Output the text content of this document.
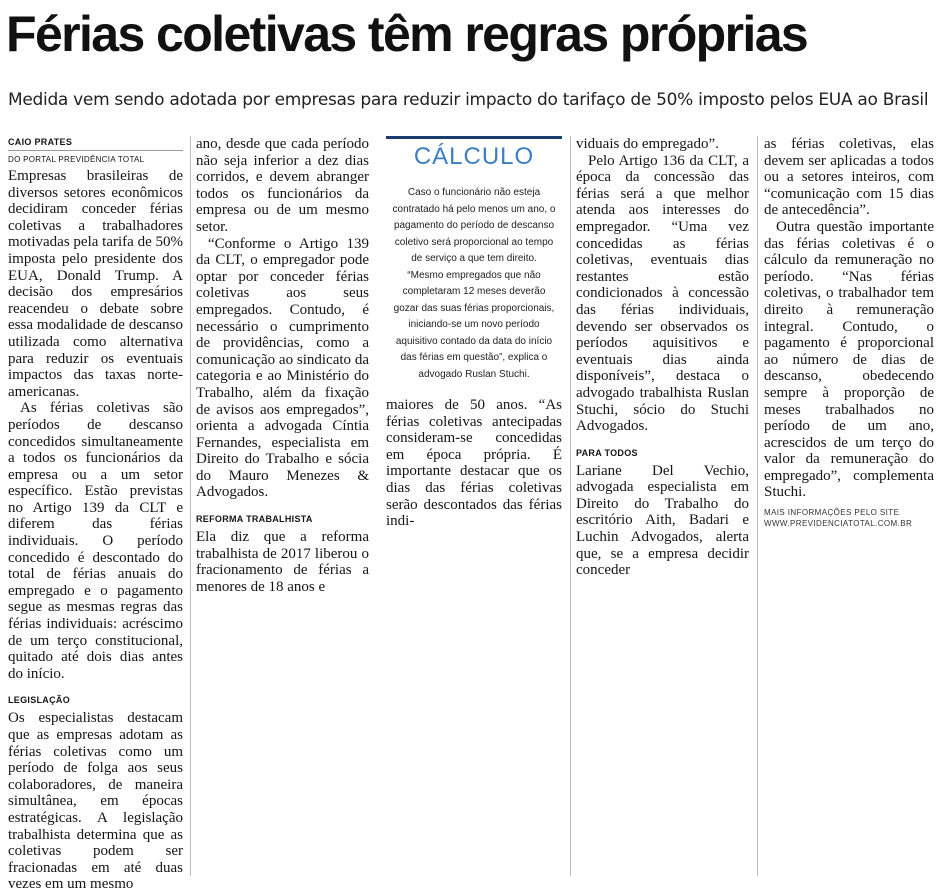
Férias coletivas têm regras próprias

Medida vem sendo adotada por empresas para reduzir impacto do tarifaço de 50% imposto pelos EUA ao Brasil

CAIO PRATES
DO PORTAL PREVIDÊNCIA TOTAL

Empresas brasileiras de diversos setores econômicos decidiram conceder férias coletivas a trabalhadores motivadas pela tarifa de 50% imposta pelo presidente dos EUA, Donald Trump. A decisão dos empresários reacendeu o debate sobre essa modalidade de descanso utilizada como alternativa para reduzir os eventuais impactos das taxas norte-americanas.

As férias coletivas são períodos de descanso concedidos simultaneamente a todos os funcionários da empresa ou a um setor específico. Estão previstas no Artigo 139 da CLT e diferem das férias individuais. O período concedido é descontado do total de férias anuais do empregado e o pagamento segue as mesmas regras das férias individuais: acréscimo de um terço constitucional, quitado até dois dias antes do início.

LEGISLAÇÃO

Os especialistas destacam que as empresas adotam as férias coletivas como um período de folga aos seus colaboradores, de maneira simultânea, em épocas estratégicas. A legislação trabalhista determina que as coletivas podem ser fracionadas em até duas vezes em um mesmo

ano, desde que cada período não seja inferior a dez dias corridos, e devem abranger todos os funcionários da empresa ou de um mesmo setor.

“Conforme o Artigo 139 da CLT, o empregador pode optar por conceder férias coletivas aos seus empregados. Contudo, é necessário o cumprimento de providências, como a comunicação ao sindicato da categoria e ao Ministério do Trabalho, além da fixação de avisos aos empregados”, orienta a advogada Cíntia Fernandes, especialista em Direito do Trabalho e sócia do Mauro Menezes & Advogados.

REFORMA TRABALHISTA

Ela diz que a reforma trabalhista de 2017 liberou o fracionamento de férias a menores de 18 anos e

CÁLCULO

Caso o funcionário não esteja contratado há pelo menos um ano, o pagamento do período de descanso coletivo será proporcional ao tempo de serviço a que tem direito.

“Mesmo empregados que não completaram 12 meses deverão gozar das suas férias proporcionais, iniciando-se um novo período aquisitivo contado da data do início das férias em questão”, explica o advogado Ruslan Stuchi.

maiores de 50 anos. “As férias coletivas antecipadas consideram-se concedidas em época própria. É importante destacar que os dias das férias coletivas serão descontados das férias indi-

viduais do empregado”.

Pelo Artigo 136 da CLT, a época da concessão das férias será a que melhor atenda aos interesses do empregador. “Uma vez concedidas as férias coletivas, eventuais dias restantes estão condicionados à concessão das férias individuais, devendo ser observados os períodos aquisitivos e eventuais dias ainda disponíveis”, destaca o advogado trabalhista Ruslan Stuchi, sócio do Stuchi Advogados.

PARA TODOS

Lariane Del Vechio, advogada especialista em Direito do Trabalho do escritório Aith, Badari e Luchin Advogados, alerta que, se a empresa decidir conceder

as férias coletivas, elas devem ser aplicadas a todos ou a setores inteiros, com “comunicação com 15 dias de antecedência”.

Outra questão importante das férias coletivas é o cálculo da remuneração no período. “Nas férias coletivas, o trabalhador tem direito à remuneração integral. Contudo, o pagamento é proporcional ao número de dias de descanso, obedecendo sempre à proporção de meses trabalhados no período de um ano, acrescidos de um terço do valor da remuneração do empregado”, complementa Stuchi.

MAIS INFORMAÇÕES PELO SITE
WWW.PREVIDENCIATOTAL.COM.BR
